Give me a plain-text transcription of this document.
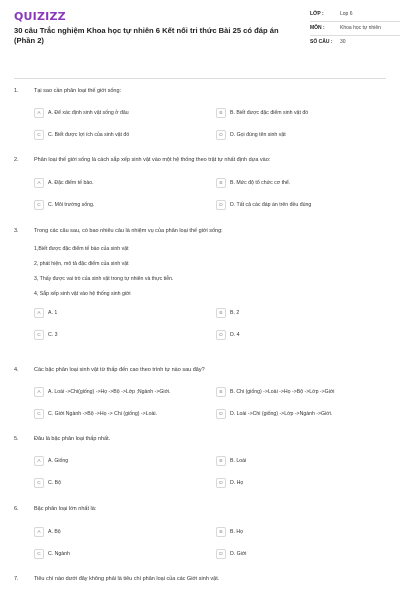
QUIZIZZ
30 câu Trắc nghiệm Khoa học tự nhiên 6 Kết nối tri thức Bài 25 có đáp án (Phần 2)
LỚP :	Lop 6
MÔN :	Khoa học tự nhiên
SỐ CÂU :	30
1.	Tại sao cần phân loại thế giới sống:
A	A. Để xác định sinh vật sống ở đâu	B	B. Biết được đặc điểm sinh vật đó
C	C. Biết được lợi ích của sinh vật đó	D	D. Gọi đúng tên sinh vật
2.	Phân loại thế giới sống là cách sắp xếp sinh vật vào một hệ thống theo trật tự nhất định dựa vào:
A	A. Đặc điểm tế bào.	B	B. Mức độ tổ chức cơ thể.
C	C. Môi trường sống.	D	D. Tất cả các đáp án trên đều đúng
3.	Trong các câu sau, có bao nhiêu câu là nhiệm vụ của phân loại thế giới sống:
1,Biết được đặc điểm tế bào của sinh vật
2, phát hiện, mô tả đặc điểm của sinh vật
3, Thấy được vai trò của sinh vật trong tự nhiên và thực tiễn.
4, Sắp xếp sinh vật vào hệ thống sinh giới
A	A. 1	B	B. 2
C	C. 3	D	D. 4
4.	Các bậc phân loại sinh vật từ thấp đến cao theo trình tự nào sau đây?
A	A. Loài ->Chi(giống) ->Họ ->Bộ ->Lớp ;Ngành ->Giới.	B	B. Chi (giống) ->Loài ->Họ ->Bộ ->Lớp ->Giới
C	C. Giới Ngành ->Bộ ->Họ -> Chi (giống) ->Loài.	D	D. Loài ->Chi (giống) ->Lớp ->Ngành ->Giới.
5.	Đâu là bậc phân loại thấp nhất.
A	A. Giống	B	B. Loài
C	C. Bộ	D	D. Họ
6.	Bậc phân loại lớn nhất là:
A	A. Bộ	B	B. Họ
C	C. Ngành	D	D. Giới
7.	Tiêu chí nào dưới đây không phải là tiêu chí phân loại của các Giới sinh vật.
